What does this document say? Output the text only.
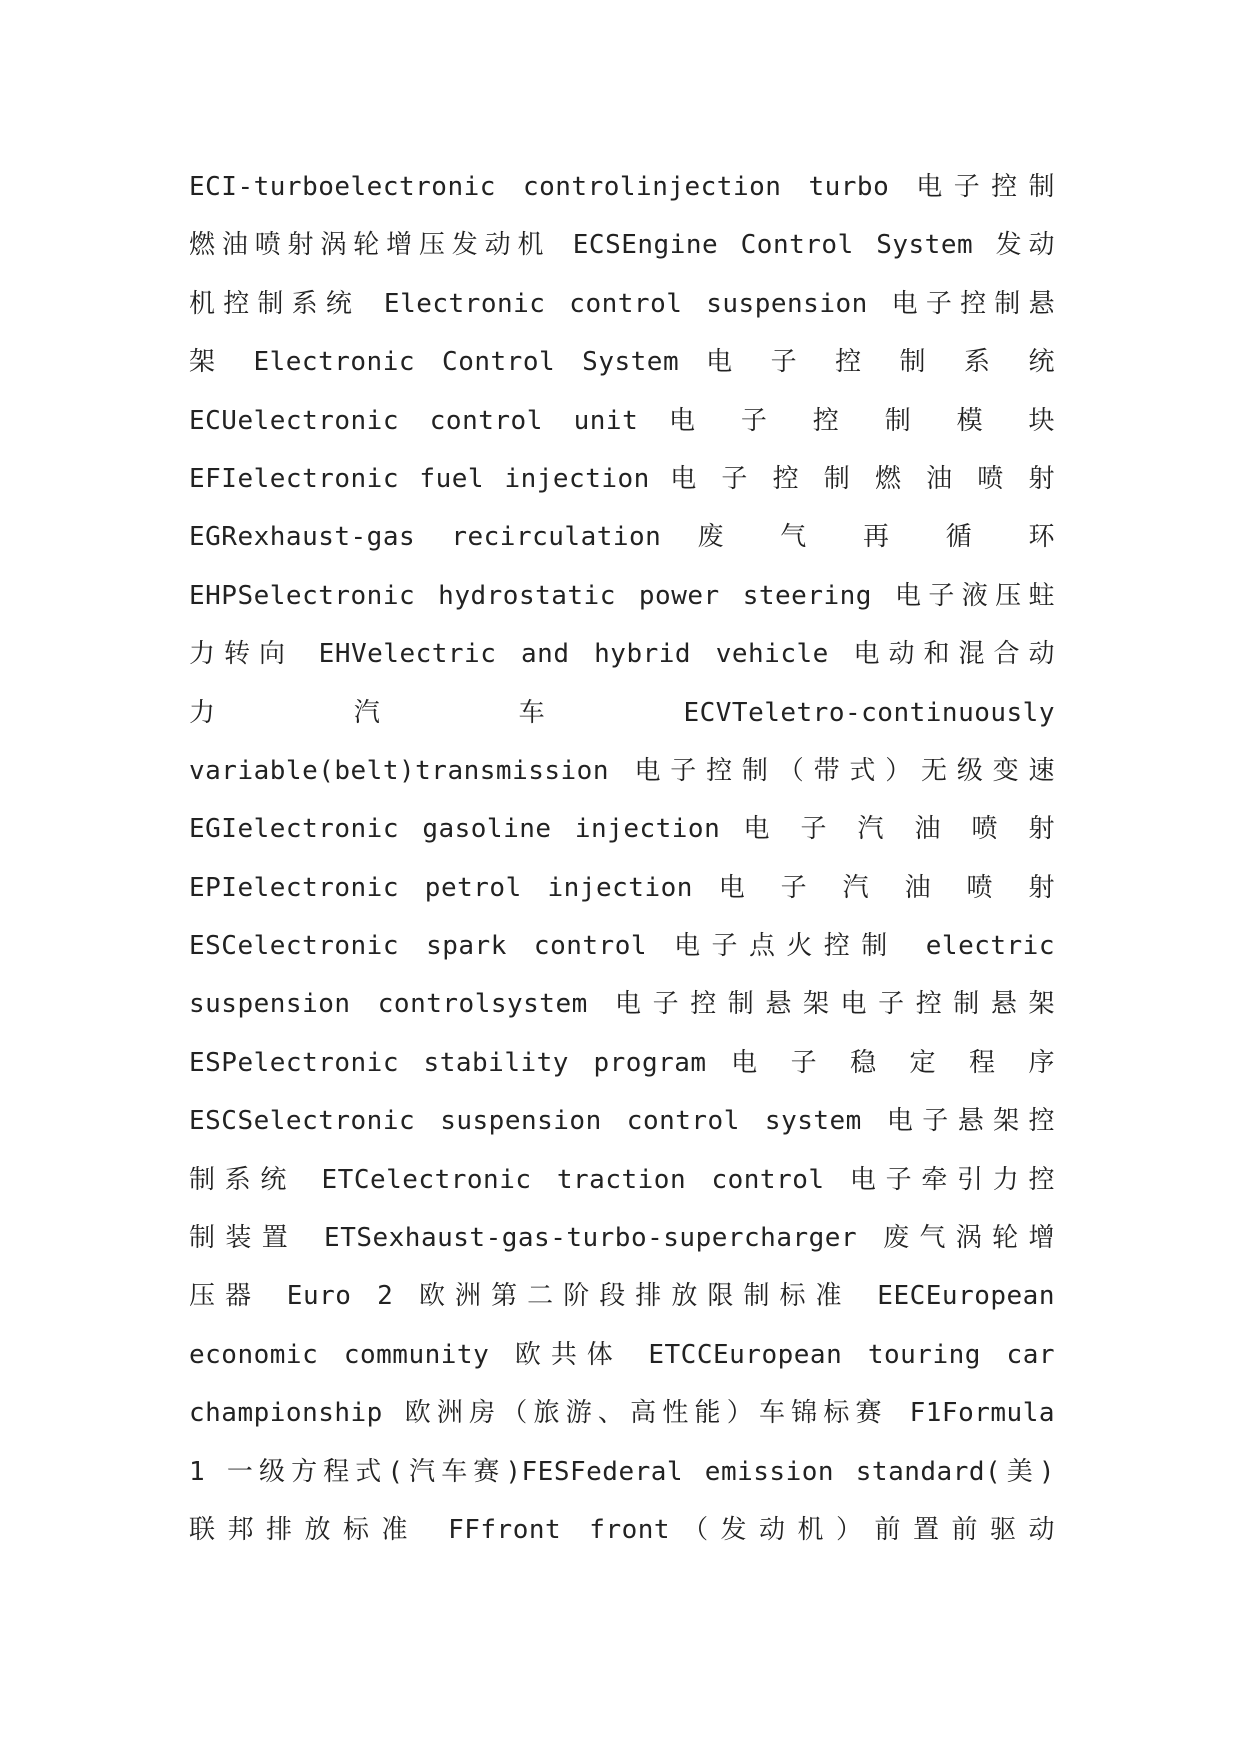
ECI-turboelectronic controlinjection turbo 电子控制
燃油喷射涡轮增压发动机 ECSEngine Control System 发动
机控制系统 Electronic control suspension 电子控制悬
架 Electronic Control System 电 子 控 制 系 统
ECUelectronic control unit 电 子 控 制 模 块
EFIelectronic fuel injection 电 子 控 制 燃 油 喷 射
EGRexhaust-gas recirculation 废 气 再 循 环
EHPSelectronic hydrostatic power steering 电子液压蛀
力转向 EHVelectric and hybrid vehicle 电动和混合动
力 汽 车 ECVTeletro-continuously
variable(belt)transmission 电子控制（带式）无级变速
EGIelectronic gasoline injection 电 子 汽 油 喷 射
EPIelectronic petrol injection 电 子 汽 油 喷 射
ESCelectronic spark control 电子点火控制 electric
suspension controlsystem 电子控制悬架电子控制悬架
ESPelectronic stability program 电 子 稳 定 程 序
ESCSelectronic suspension control system 电子悬架控
制系统 ETCelectronic traction control 电子牵引力控
制装置 ETSexhaust-gas-turbo-supercharger 废气涡轮增
压器 Euro 2 欧洲第二阶段排放限制标准 EECEuropean
economic community 欧共体 ETCCEuropean touring car
championship 欧洲房（旅游、高性能）车锦标赛 F1Formula
1 一级方程式(汽车赛)FESFederal emission standard(美)
联邦排放标准 FFfront front（发动机）前置前驱动
